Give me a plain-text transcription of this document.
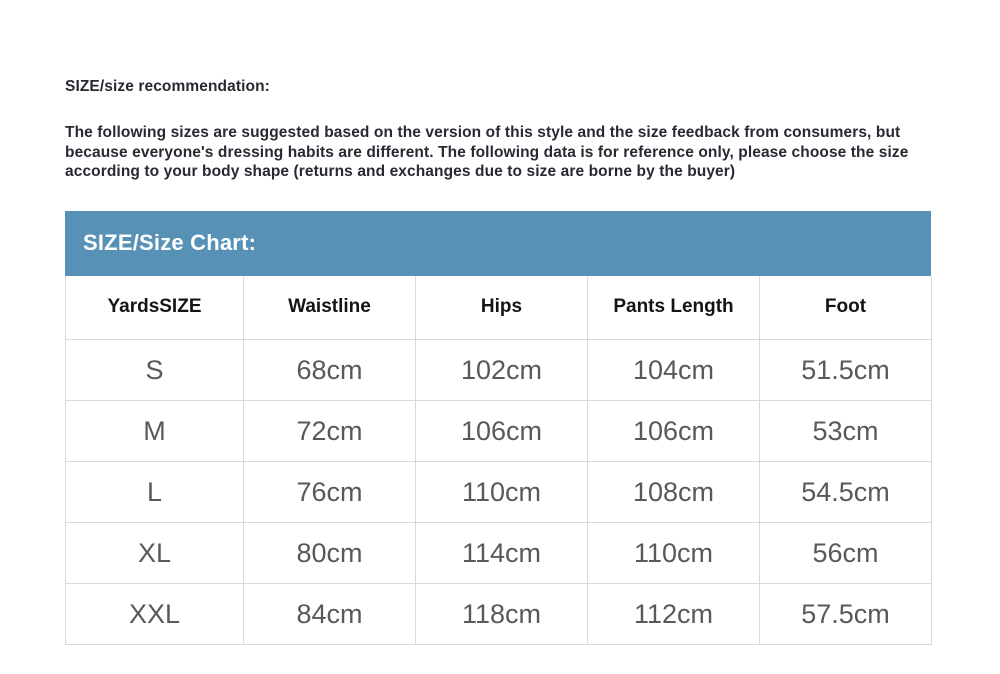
SIZE/size recommendation:

The following sizes are suggested based on the version of this style and the size feedback from consumers, but because everyone's dressing habits are different. The following data is for reference only, please choose the size according to your body shape (returns and exchanges due to size are borne by the buyer)

SIZE/Size Chart:
YardsSIZE	Waistline	Hips	Pants Length	Foot
S	68cm	102cm	104cm	51.5cm
M	72cm	106cm	106cm	53cm
L	76cm	110cm	108cm	54.5cm
XL	80cm	114cm	110cm	56cm
XXL	84cm	118cm	112cm	57.5cm
